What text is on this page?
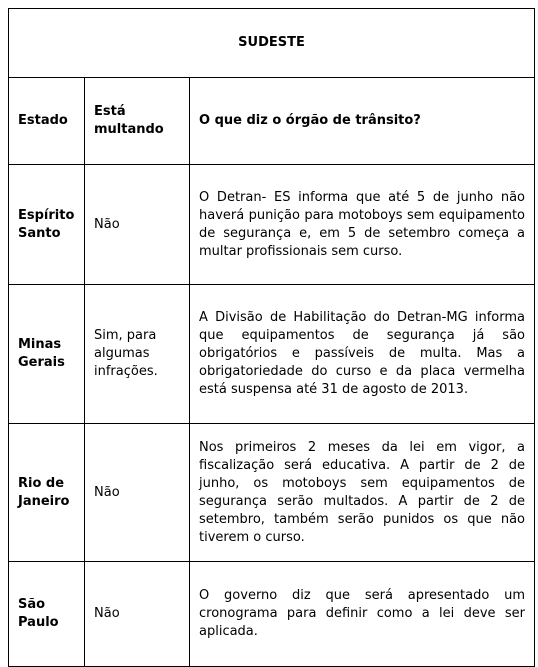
SUDESTE		
Estado	Está multando	O que diz o órgão de trânsito?
Espírito Santo	Não	O Detran- ES informa que até 5 de junho não haverá punição para motoboys sem equipamento de segurança e, em 5 de setembro começa a multar profissionais sem curso.
Minas Gerais	Sim, para algumas infrações.	A Divisão de Habilitação do Detran-MG informa que equipamentos de segurança já são obrigatórios e passíveis de multa. Mas a obrigatoriedade do curso e da placa vermelha está suspensa até 31 de agosto de 2013.
Rio de Janeiro	Não	Nos primeiros 2 meses da lei em vigor, a fiscalização será educativa. A partir de 2 de junho, os motoboys sem equipamentos de segurança serão multados. A partir de 2 de setembro, também serão punidos os que não tiverem o curso.
São Paulo	Não	O governo diz que será apresentado um cronograma para definir como a lei deve ser aplicada.
